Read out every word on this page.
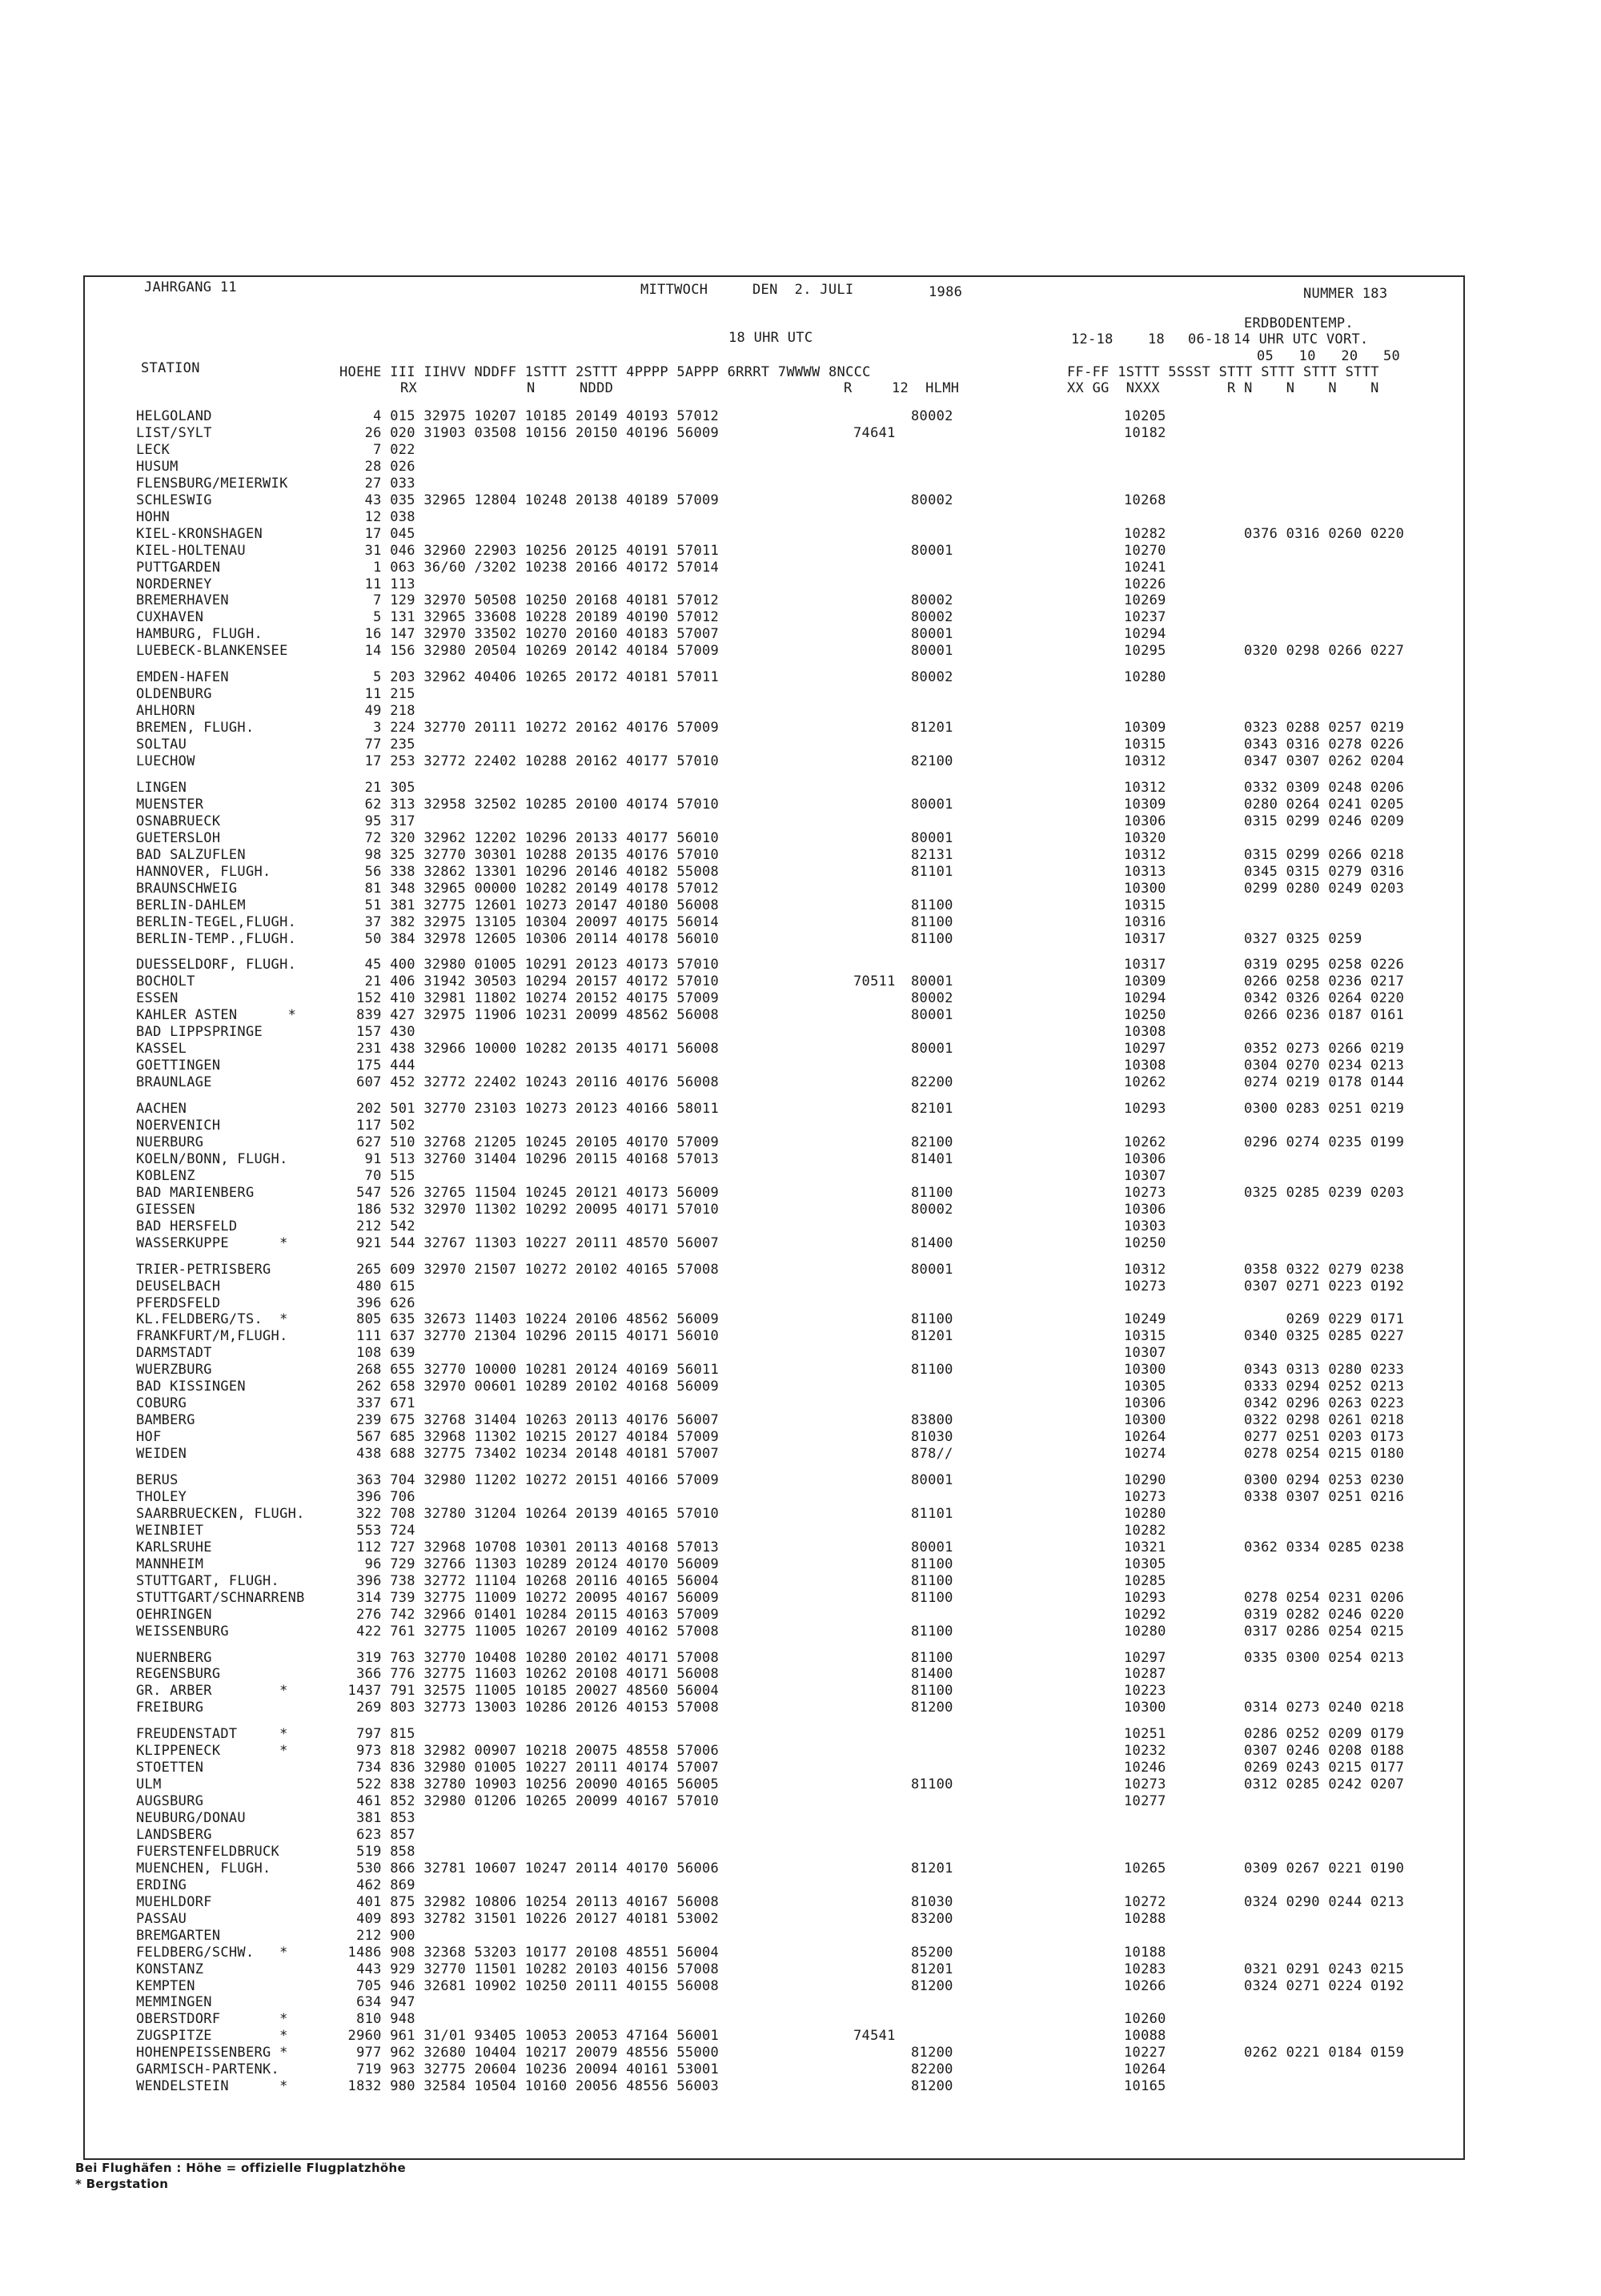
JAHRGANG 11	MITTWOCH	DEN  2. JULI	1986	NUMMER 183
ERDBODENTEMP.
18 UHR UTC	12-18	18 06-18 14 UHR UTC VORT.
05   10   20   50
STATION	HOEHE III IIHVV NDDFF 1STTT 2STTT 4PPPP 5APPP 6RRRT 7WWWW 8NCCC	FF-FF 1STTT 5SSST STTT STTT STTT STTT
RX	N	NDDD	R	12  HLMH	XX GG  NXXX	R N    N    N    N
HELGOLAND	4 015 32975 10207 10185 20149 40193 57012	80002	10205
LIST/SYLT	26 020 31903 03508 10156 20150 40196 56009	74641	10182
LECK	7 022
HUSUM	28 026
FLENSBURG/MEIERWIK	27 033
SCHLESWIG	43 035 32965 12804 10248 20138 40189 57009	80002	10268
HOHN	12 038
KIEL-KRONSHAGEN	17 045	10282	0376 0316 0260 0220
KIEL-HOLTENAU	31 046 32960 22903 10256 20125 40191 57011	80001	10270
PUTTGARDEN	1 063 36/60 /3202 10238 20166 40172 57014	10241
NORDERNEY	11 113	10226
BREMERHAVEN	7 129 32970 50508 10250 20168 40181 57012	80002	10269
CUXHAVEN	5 131 32965 33608 10228 20189 40190 57012	80002	10237
HAMBURG, FLUGH.	16 147 32970 33502 10270 20160 40183 57007	80001	10294
LUEBECK-BLANKENSEE	14 156 32980 20504 10269 20142 40184 57009	80001	10295	0320 0298 0266 0227
EMDEN-HAFEN	5 203 32962 40406 10265 20172 40181 57011	80002	10280
OLDENBURG	11 215
AHLHORN	49 218
BREMEN, FLUGH.	3 224 32770 20111 10272 20162 40176 57009	81201	10309	0323 0288 0257 0219
SOLTAU	77 235	10315	0343 0316 0278 0226
LUECHOW	17 253 32772 22402 10288 20162 40177 57010	82100	10312	0347 0307 0262 0204
LINGEN	21 305	10312	0332 0309 0248 0206
MUENSTER	62 313 32958 32502 10285 20100 40174 57010	80001	10309	0280 0264 0241 0205
OSNABRUECK	95 317	10306	0315 0299 0246 0209
GUETERSLOH	72 320 32962 12202 10296 20133 40177 56010	80001	10320
BAD SALZUFLEN	98 325 32770 30301 10288 20135 40176 57010	82131	10312	0315 0299 0266 0218
HANNOVER, FLUGH.	56 338 32862 13301 10296 20146 40182 55008	81101	10313	0345 0315 0279 0316
BRAUNSCHWEIG	81 348 32965 00000 10282 20149 40178 57012	10300	0299 0280 0249 0203
BERLIN-DAHLEM	51 381 32775 12601 10273 20147 40180 56008	81100	10315
BERLIN-TEGEL,FLUGH.	37 382 32975 13105 10304 20097 40175 56014	81100	10316
BERLIN-TEMP.,FLUGH.	50 384 32978 12605 10306 20114 40178 56010	81100	10317	0327 0325 0259
DUESSELDORF, FLUGH.	45 400 32980 01005 10291 20123 40173 57010	10317	0319 0295 0258 0226
BOCHOLT	21 406 31942 30503 10294 20157 40172 57010	70511 80001	10309	0266 0258 0236 0217
ESSEN	152 410 32981 11802 10274 20152 40175 57009	80002	10294	0342 0326 0264 0220
KAHLER ASTEN      *	839 427 32975 11906 10231 20099 48562 56008	80001	10250	0266 0236 0187 0161
BAD LIPPSPRINGE	157 430	10308
KASSEL	231 438 32966 10000 10282 20135 40171 56008	80001	10297	0352 0273 0266 0219
GOETTINGEN	175 444	10308	0304 0270 0234 0213
BRAUNLAGE	607 452 32772 22402 10243 20116 40176 56008	82200	10262	0274 0219 0178 0144
AACHEN	202 501 32770 23103 10273 20123 40166 58011	82101	10293	0300 0283 0251 0219
NOERVENICH	117 502
NUERBURG	627 510 32768 21205 10245 20105 40170 57009	82100	10262	0296 0274 0235 0199
KOELN/BONN, FLUGH.	91 513 32760 31404 10296 20115 40168 57013	81401	10306
KOBLENZ	70 515	10307
BAD MARIENBERG	547 526 32765 11504 10245 20121 40173 56009	81100	10273	0325 0285 0239 0203
GIESSEN	186 532 32970 11302 10292 20095 40171 57010	80002	10306
BAD HERSFELD	212 542	10303
WASSERKUPPE      *	921 544 32767 11303 10227 20111 48570 56007	81400	10250
TRIER-PETRISBERG	265 609 32970 21507 10272 20102 40165 57008	80001	10312	0358 0322 0279 0238
DEUSELBACH	480 615	10273	0307 0271 0223 0192
PFERDSFELD	396 626
KL.FELDBERG/TS.  *	805 635 32673 11403 10224 20106 48562 56009	81100	10249	0269 0229 0171
FRANKFURT/M,FLUGH.	111 637 32770 21304 10296 20115 40171 56010	81201	10315	0340 0325 0285 0227
DARMSTADT	108 639	10307
WUERZBURG	268 655 32770 10000 10281 20124 40169 56011	81100	10300	0343 0313 0280 0233
BAD KISSINGEN	262 658 32970 00601 10289 20102 40168 56009	10305	0333 0294 0252 0213
COBURG	337 671	10306	0342 0296 0263 0223
BAMBERG	239 675 32768 31404 10263 20113 40176 56007	83800	10300	0322 0298 0261 0218
HOF	567 685 32968 11302 10215 20127 40184 57009	81030	10264	0277 0251 0203 0173
WEIDEN	438 688 32775 73402 10234 20148 40181 57007	878//	10274	0278 0254 0215 0180
BERUS	363 704 32980 11202 10272 20151 40166 57009	80001	10290	0300 0294 0253 0230
THOLEY	396 706	10273	0338 0307 0251 0216
SAARBRUECKEN, FLUGH.	322 708 32780 31204 10264 20139 40165 57010	81101	10280
WEINBIET	553 724	10282
KARLSRUHE	112 727 32968 10708 10301 20113 40168 57013	80001	10321	0362 0334 0285 0238
MANNHEIM	96 729 32766 11303 10289 20124 40170 56009	81100	10305
STUTTGART, FLUGH.	396 738 32772 11104 10268 20116 40165 56004	81100	10285
STUTTGART/SCHNARRENB	314 739 32775 11009 10272 20095 40167 56009	81100	10293	0278 0254 0231 0206
OEHRINGEN	276 742 32966 01401 10284 20115 40163 57009	10292	0319 0282 0246 0220
WEISSENBURG	422 761 32775 11005 10267 20109 40162 57008	81100	10280	0317 0286 0254 0215
NUERNBERG	319 763 32770 10408 10280 20102 40171 57008	81100	10297	0335 0300 0254 0213
REGENSBURG	366 776 32775 11603 10262 20108 40171 56008	81400	10287
GR. ARBER        *	1437 791 32575 11005 10185 20027 48560 56004	81100	10223
FREIBURG	269 803 32773 13003 10286 20126 40153 57008	81200	10300	0314 0273 0240 0218
FREUDENSTADT     *	797 815	10251	0286 0252 0209 0179
KLIPPENECK       *	973 818 32982 00907 10218 20075 48558 57006	10232	0307 0246 0208 0188
STOETTEN	734 836 32980 01005 10227 20111 40174 57007	10246	0269 0243 0215 0177
ULM	522 838 32780 10903 10256 20090 40165 56005	81100	10273	0312 0285 0242 0207
AUGSBURG	461 852 32980 01206 10265 20099 40167 57010	10277
NEUBURG/DONAU	381 853
LANDSBERG	623 857
FUERSTENFELDBRUCK	519 858
MUENCHEN, FLUGH.	530 866 32781 10607 10247 20114 40170 56006	81201	10265	0309 0267 0221 0190
ERDING	462 869
MUEHLDORF	401 875 32982 10806 10254 20113 40167 56008	81030	10272	0324 0290 0244 0213
PASSAU	409 893 32782 31501 10226 20127 40181 53002	83200	10288
BREMGARTEN	212 900
FELDBERG/SCHW.   *	1486 908 32368 53203 10177 20108 48551 56004	85200	10188
KONSTANZ	443 929 32770 11501 10282 20103 40156 57008	81201	10283	0321 0291 0243 0215
KEMPTEN	705 946 32681 10902 10250 20111 40155 56008	81200	10266	0324 0271 0224 0192
MEMMINGEN	634 947
OBERSTDORF       *	810 948	10260
ZUGSPITZE        *	2960 961 31/01 93405 10053 20053 47164 56001	74541	10088
HOHENPEISSENBERG *	977 962 32680 10404 10217 20079 48556 55000	81200	10227	0262 0221 0184 0159
GARMISCH-PARTENK.	719 963 32775 20604 10236 20094 40161 53001	82200	10264
WENDELSTEIN      *	1832 980 32584 10504 10160 20056 48556 56003	81200	10165
Bei Flughäfen : Höhe = offizielle Flugplatzhöhe
* Bergstation
